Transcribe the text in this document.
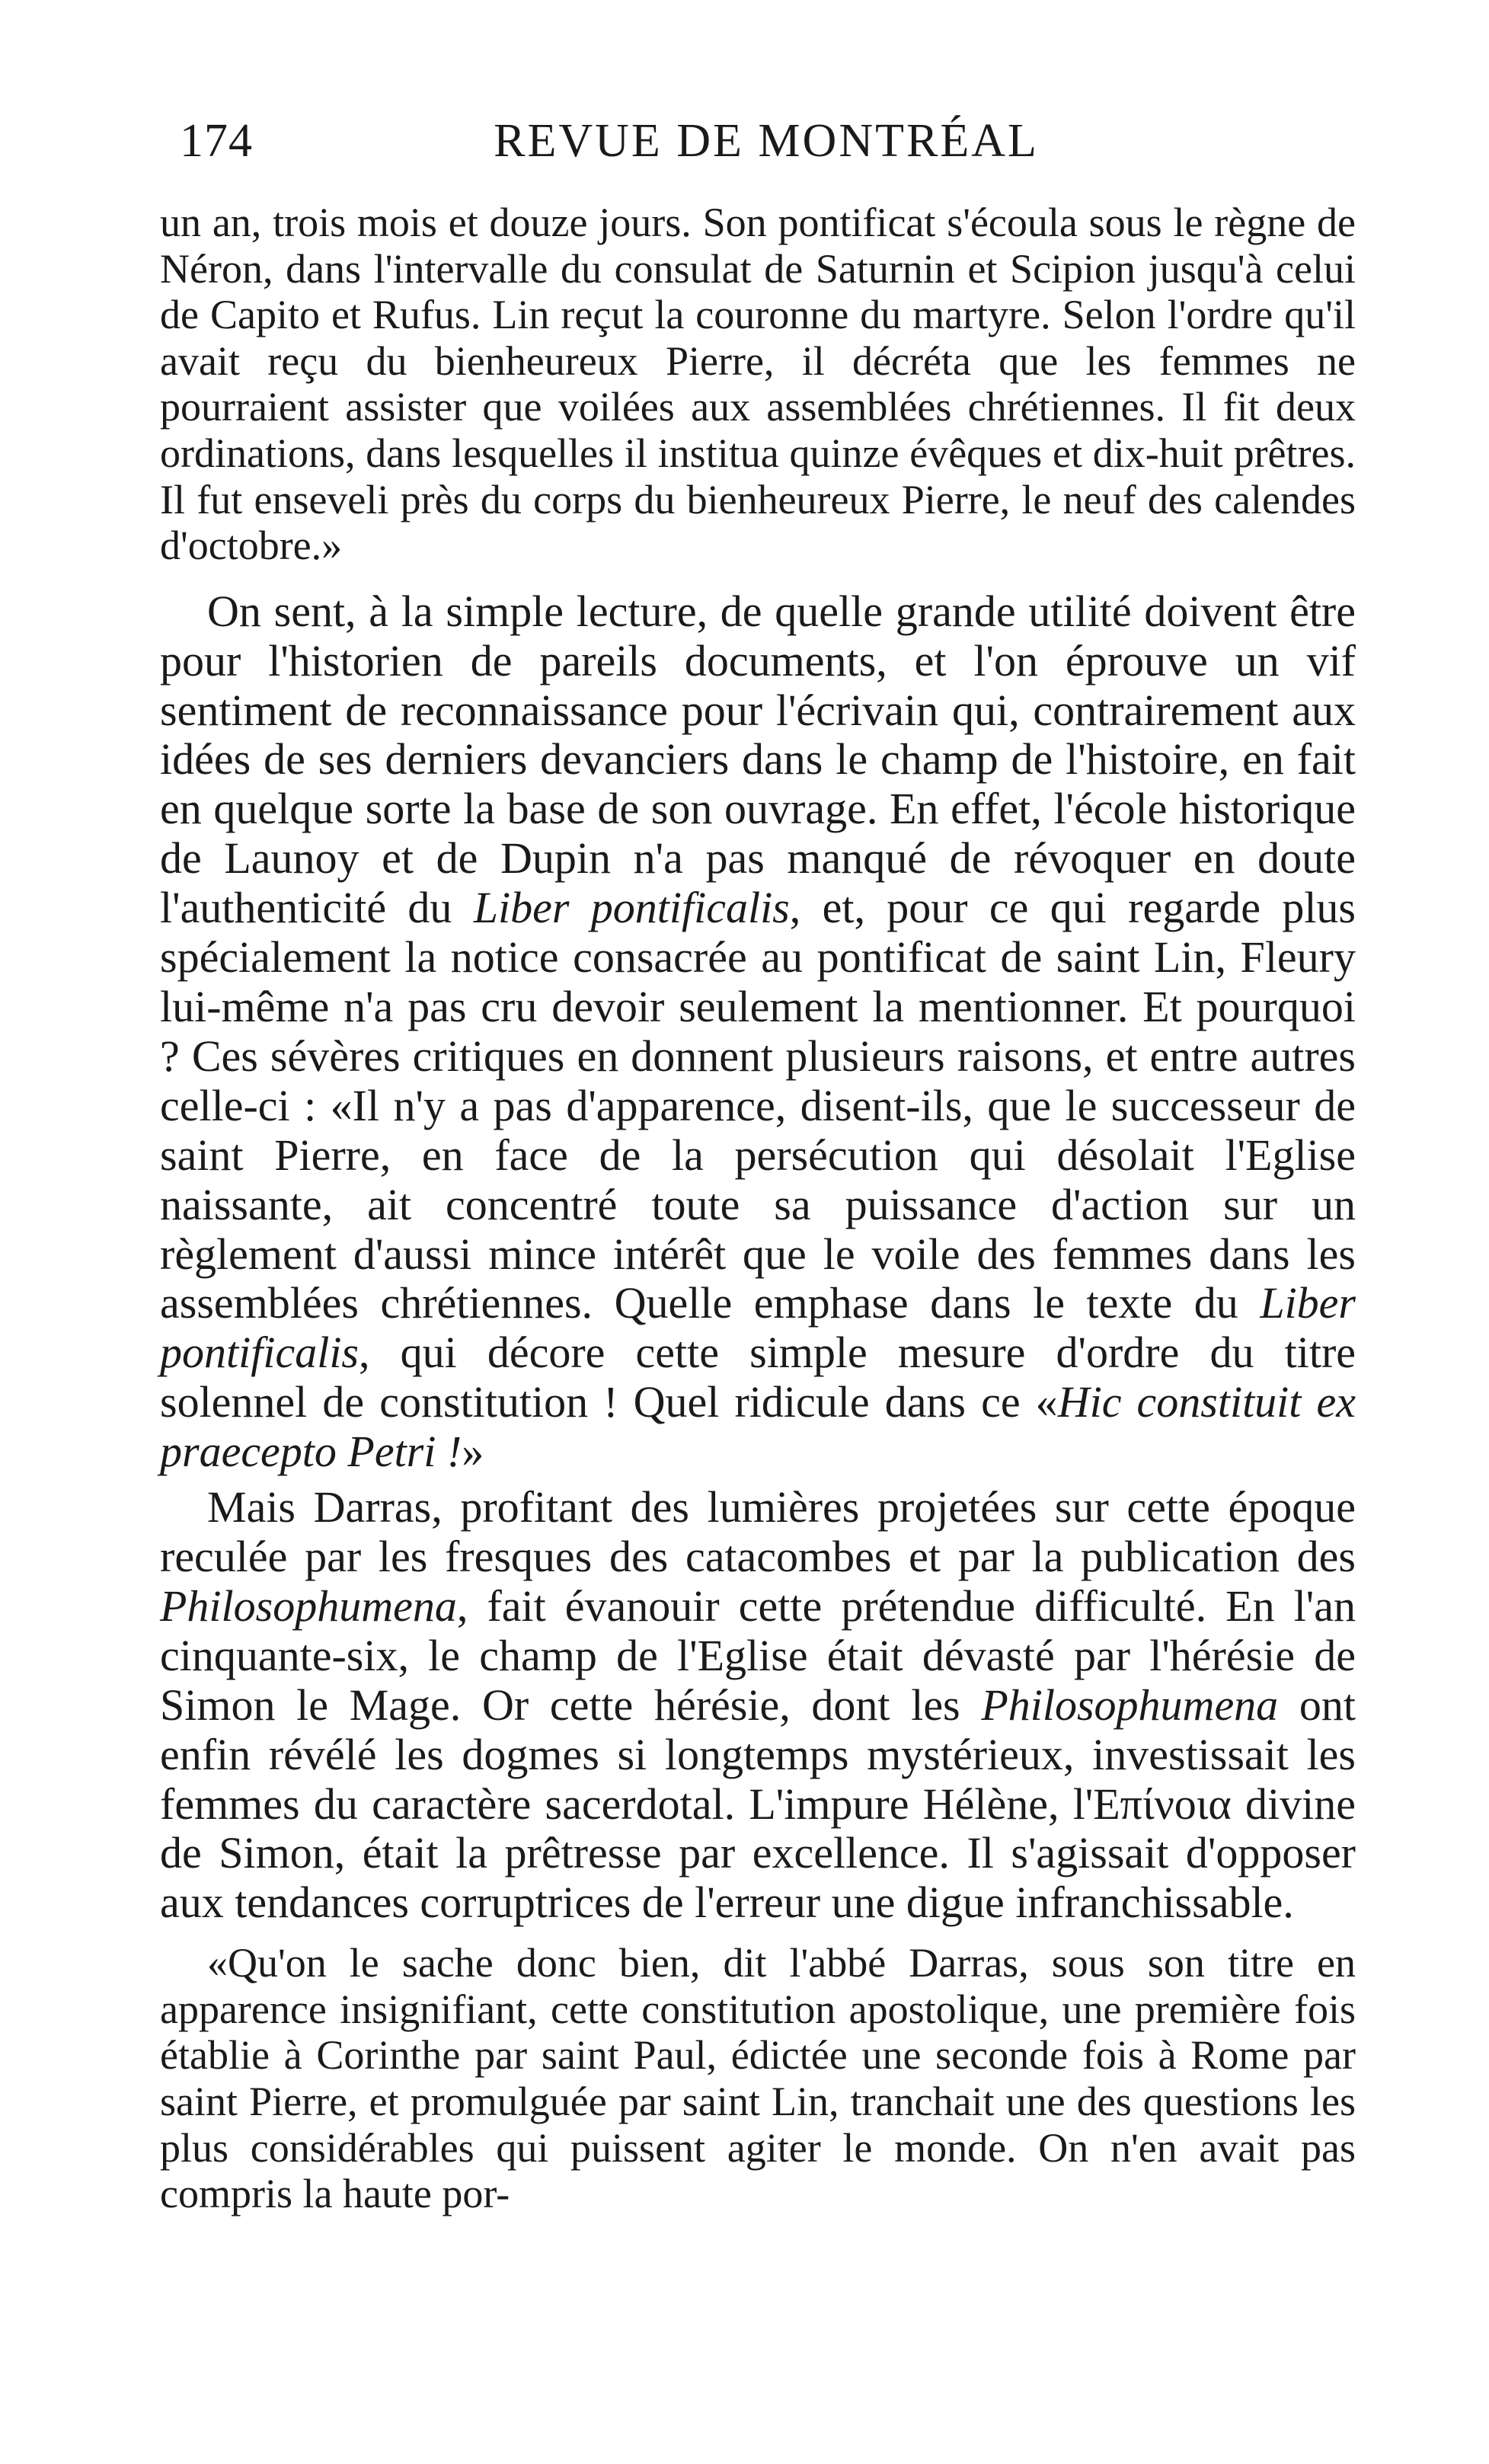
174	REVUE DE MONTRÉAL

un an, trois mois et douze jours. Son pontificat s'écoula sous le règne de Néron, dans l'intervalle du consulat de Saturnin et Scipion jusqu'à celui de Capito et Rufus. Lin reçut la couronne du martyre. Selon l'ordre qu'il avait reçu du bienheureux Pierre, il décréta que les femmes ne pourraient assister que voilées aux assemblées chrétiennes. Il fit deux ordinations, dans lesquelles il institua quinze évêques et dix-huit prêtres. Il fut enseveli près du corps du bienheureux Pierre, le neuf des calendes d'octobre.»

On sent, à la simple lecture, de quelle grande utilité doivent être pour l'historien de pareils documents, et l'on éprouve un vif sentiment de reconnaissance pour l'écrivain qui, contrairement aux idées de ses derniers devanciers dans le champ de l'histoire, en fait en quelque sorte la base de son ouvrage. En effet, l'école historique de Launoy et de Dupin n'a pas manqué de révoquer en doute l'authenticité du Liber pontificalis, et, pour ce qui regarde plus spécialement la notice consacrée au pontificat de saint Lin, Fleury lui-même n'a pas cru devoir seulement la mentionner. Et pourquoi ? Ces sévères critiques en donnent plusieurs raisons, et entre autres celle-ci : «Il n'y a pas d'apparence, disent-ils, que le successeur de saint Pierre, en face de la persécution qui désolait l'Eglise naissante, ait concentré toute sa puissance d'action sur un règlement d'aussi mince intérêt que le voile des femmes dans les assemblées chrétiennes. Quelle emphase dans le texte du Liber pontificalis, qui décore cette simple mesure d'ordre du titre solennel de constitution ! Quel ridicule dans ce «Hic constituit ex praecepto Petri !»

Mais Darras, profitant des lumières projetées sur cette époque reculée par les fresques des catacombes et par la publication des Philosophumena, fait évanouir cette prétendue difficulté. En l'an cinquante-six, le champ de l'Eglise était dévasté par l'hérésie de Simon le Mage. Or cette hérésie, dont les Philosophumena ont enfin révélé les dogmes si longtemps mystérieux, investissait les femmes du caractère sacerdotal. L'impure Hélène, l'Επίνοια divine de Simon, était la prêtresse par excellence. Il s'agissait d'opposer aux tendances corruptrices de l'erreur une digue infranchissable.

«Qu'on le sache donc bien, dit l'abbé Darras, sous son titre en apparence insignifiant, cette constitution apostolique, une première fois établie à Corinthe par saint Paul, édictée une seconde fois à Rome par saint Pierre, et promulguée par saint Lin, tranchait une des questions les plus considérables qui puissent agiter le monde. On n'en avait pas compris la haute por-
